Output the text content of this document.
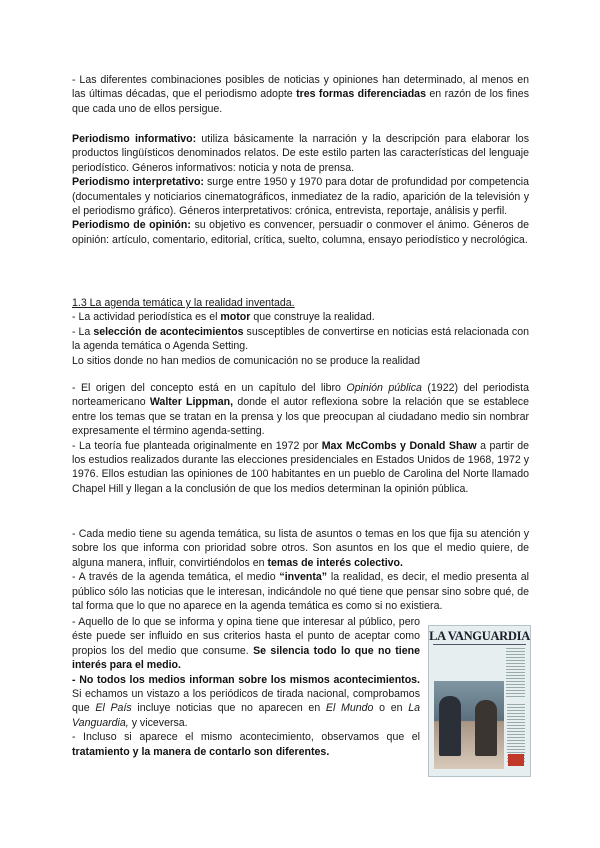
- Las diferentes combinaciones posibles de noticias y opiniones han determinado, al menos en las últimas décadas, que el periodismo adopte tres formas diferenciadas en razón de los fines que cada uno de ellos persigue.

Periodismo informativo: utiliza básicamente la narración y la descripción para elaborar los productos lingüísticos denominados relatos. De este estilo parten las características del lenguaje periodístico. Géneros informativos: noticia y nota de prensa.

Periodismo interpretativo: surge entre 1950 y 1970 para dotar de profundidad por competencia (documentales y noticiarios cinematográficos, inmediatez de la radio, aparición de la televisión y el periodismo gráfico). Géneros interpretativos: crónica, entrevista, reportaje, análisis y perfil.

Periodismo de opinión: su objetivo es convencer, persuadir o conmover el ánimo. Géneros de opinión: artículo, comentario, editorial, crítica, suelto, columna, ensayo periodístico y necrológica.

1.3 La agenda temática y la realidad inventada.

- La actividad periodística es el motor que construye la realidad.

- La selección de acontecimientos susceptibles de convertirse en noticias está relacionada con la agenda temática o Agenda Setting.

Lo sitios donde no han medios de comunicación no se produce la realidad

- El origen del concepto está en un capítulo del libro Opinión pública (1922) del periodista norteamericano Walter Lippman, donde el autor reflexiona sobre la relación que se establece entre los temas que se tratan en la prensa y los que preocupan al ciudadano medio sin nombrar expresamente el término agenda-setting.

- La teoría fue planteada originalmente en 1972 por Max McCombs y Donald Shaw a partir de los estudios realizados durante las elecciones presidenciales en Estados Unidos de 1968, 1972 y 1976. Ellos estudian las opiniones de 100 habitantes en un pueblo de Carolina del Norte llamado Chapel Hill y llegan a la conclusión de que los medios determinan la opinión pública.

- Cada medio tiene su agenda temática, su lista de asuntos o temas en los que fija su atención y sobre los que informa con prioridad sobre otros. Son asuntos en los que el medio quiere, de alguna manera, influir, convirtiéndolos en temas de interés colectivo.

- A través de la agenda temática, el medio “inventa” la realidad, es decir, el medio presenta al público sólo las noticias que le interesan, indicándole no qué tiene que pensar sino sobre qué, de tal forma que lo que no aparece en la agenda temática es como si no existiera.

- Aquello de lo que se informa y opina tiene que interesar al público, pero éste puede ser influido en sus criterios hasta el punto de aceptar como propios los del medio que consume. Se silencia todo lo que no tiene interés para el medio.

- No todos los medios informan sobre los mismos acontecimientos. Si echamos un vistazo a los periódicos de tirada nacional, comprobamos que El País incluye noticias que no aparecen en El Mundo o en La Vanguardia, y viceversa.

- Incluso si aparece el mismo acontecimiento, observamos que el tratamiento y la manera de contarlo son diferentes.

LA VANGUARDIA
